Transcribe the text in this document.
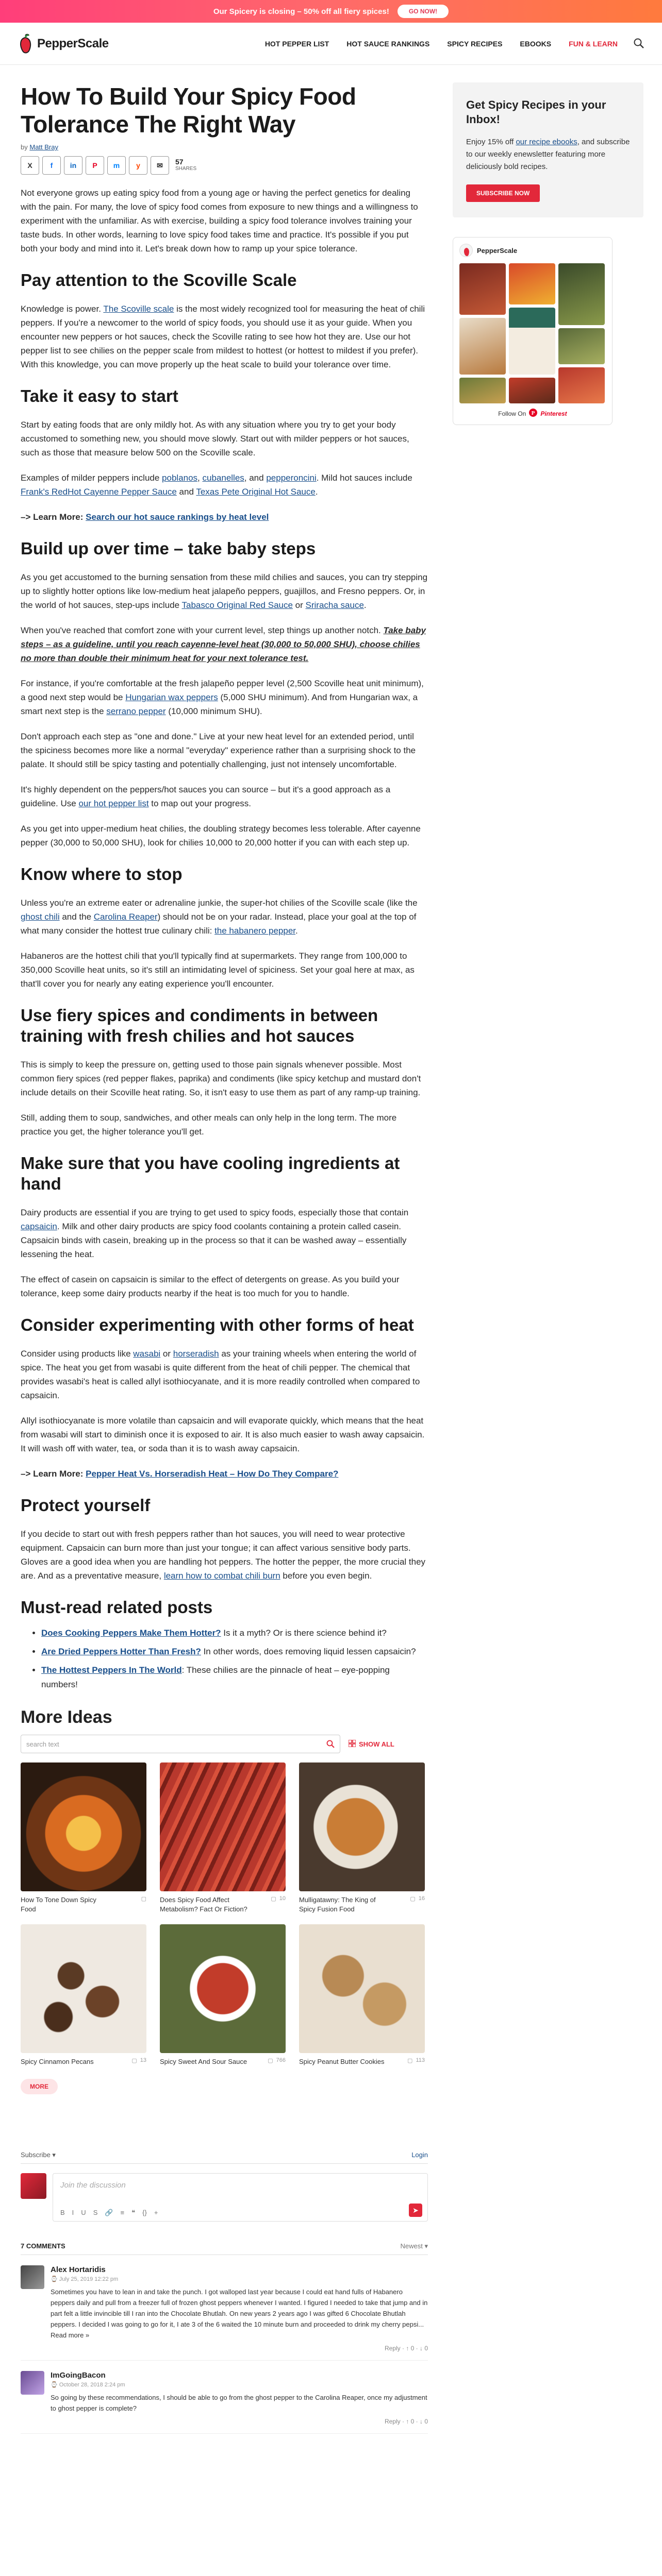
Our Spicery is closing – 50% off all fiery spices!	GO NOW!
PepperScale	HOT PEPPER LIST HOT SAUCE RANKINGS SPICY RECIPES EBOOKS FUN & LEARN
How To Build Your Spicy Food Tolerance The Right Way
by Matt Bray
X	f	in	P	m	y	✉	57
SHARES

Not everyone grows up eating spicy food from a young age or having the perfect genetics for dealing with the pain. For many, the love of spicy food comes from exposure to new things and a willingness to experiment with the unfamiliar. As with exercise, building a spicy food tolerance involves training your taste buds. In other words, learning to love spicy food takes time and practice. It's possible if you put both your body and mind into it. Let's break down how to ramp up your spice tolerance.

Pay attention to the Scoville Scale

Knowledge is power. The Scoville scale is the most widely recognized tool for measuring the heat of chili peppers. If you're a newcomer to the world of spicy foods, you should use it as your guide. When you encounter new peppers or hot sauces, check the Scoville rating to see how hot they are. Use our hot pepper list to see chilies on the pepper scale from mildest to hottest (or hottest to mildest if you prefer). With this knowledge, you can move properly up the heat scale to build your tolerance over time.

Take it easy to start

Start by eating foods that are only mildly hot. As with any situation where you try to get your body accustomed to something new, you should move slowly. Start out with milder peppers or hot sauces, such as those that measure below 500 on the Scoville scale.

Examples of milder peppers include poblanos, cubanelles, and pepperoncini. Mild hot sauces include Frank's RedHot Cayenne Pepper Sauce and Texas Pete Original Hot Sauce.

–> Learn More: Search our hot sauce rankings by heat level

Build up over time – take baby steps

As you get accustomed to the burning sensation from these mild chilies and sauces, you can try stepping up to slightly hotter options like low-medium heat jalapeño peppers, guajillos, and Fresno peppers. Or, in the world of hot sauces, step-ups include Tabasco Original Red Sauce or Sriracha sauce.

When you've reached that comfort zone with your current level, step things up another notch. Take baby steps – as a guideline, until you reach cayenne-level heat (30,000 to 50,000 SHU), choose chilies no more than double their minimum heat for your next tolerance test.

For instance, if you're comfortable at the fresh jalapeño pepper level (2,500 Scoville heat unit minimum), a good next step would be Hungarian wax peppers (5,000 SHU minimum). And from Hungarian wax, a smart next step is the serrano pepper (10,000 minimum SHU).

Don't approach each step as "one and done." Live at your new heat level for an extended period, until the spiciness becomes more like a normal "everyday" experience rather than a surprising shock to the palate. It should still be spicy tasting and potentially challenging, just not intensely uncomfortable.

It's highly dependent on the peppers/hot sauces you can source – but it's a good approach as a guideline. Use our hot pepper list to map out your progress.

As you get into upper-medium heat chilies, the doubling strategy becomes less tolerable. After cayenne pepper (30,000 to 50,000 SHU), look for chilies 10,000 to 20,000 hotter if you can with each step up.

Know where to stop

Unless you're an extreme eater or adrenaline junkie, the super-hot chilies of the Scoville scale (like the ghost chili and the Carolina Reaper) should not be on your radar. Instead, place your goal at the top of what many consider the hottest true culinary chili: the habanero pepper.

Habaneros are the hottest chili that you'll typically find at supermarkets. They range from 100,000 to 350,000 Scoville heat units, so it's still an intimidating level of spiciness. Set your goal here at max, as that'll cover you for nearly any eating experience you'll encounter.

Use fiery spices and condiments in between training with fresh chilies and hot sauces

This is simply to keep the pressure on, getting used to those pain signals whenever possible. Most common fiery spices (red pepper flakes, paprika) and condiments (like spicy ketchup and mustard don't include details on their Scoville heat rating. So, it isn't easy to use them as part of any ramp-up training.

Still, adding them to soup, sandwiches, and other meals can only help in the long term. The more practice you get, the higher tolerance you'll get.

Make sure that you have cooling ingredients at hand

Dairy products are essential if you are trying to get used to spicy foods, especially those that contain capsaicin. Milk and other dairy products are spicy food coolants containing a protein called casein. Capsaicin binds with casein, breaking up in the process so that it can be washed away – essentially lessening the heat.

The effect of casein on capsaicin is similar to the effect of detergents on grease. As you build your tolerance, keep some dairy products nearby if the heat is too much for you to handle.

Consider experimenting with other forms of heat

Consider using products like wasabi or horseradish as your training wheels when entering the world of spice. The heat you get from wasabi is quite different from the heat of chili pepper. The chemical that provides wasabi's heat is called allyl isothiocyanate, and it is more readily controlled when compared to capsaicin.

Allyl isothiocyanate is more volatile than capsaicin and will evaporate quickly, which means that the heat from wasabi will start to diminish once it is exposed to air. It is also much easier to wash away capsaicin. It will wash off with water, tea, or soda than it is to wash away capsaicin.

–> Learn More: Pepper Heat Vs. Horseradish Heat – How Do They Compare?

Protect yourself

If you decide to start out with fresh peppers rather than hot sauces, you will need to wear protective equipment. Capsaicin can burn more than just your tongue; it can affect various sensitive body parts. Gloves are a good idea when you are handling hot peppers. The hotter the pepper, the more crucial they are. And as a preventative measure, learn how to combat chili burn before you even begin.

Must-read related posts
• Does Cooking Peppers Make Them Hotter? Is it a myth? Or is there science behind it?
• Are Dried Peppers Hotter Than Fresh? In other words, does removing liquid lessen capsaicin?
• The Hottest Peppers In The World: These chilies are the pinnacle of heat – eye-popping numbers!
More Ideas
search text	SHOW ALL
How To Tone Down Spicy Food
▢ Does Spicy Food Affect Metabolism? Fact Or Fiction?
▢ 10 Mulligatawny: The King of Spicy Fusion Food
▢ 16
Spicy Cinnamon Pecans	▢ 13 Spicy Sweet And Sour Sauce	▢ 766 Spicy Peanut Butter Cookies	▢ 113
MORE
Subscribe ▾	Login
Join the discussion
B I U S 🔗 ≡ ❝ {} +	➤
7 COMMENTS	Newest ▾
Alex Hortaridis
⌚ July 25, 2019 12:22 pm
Sometimes you have to lean in and take the punch. I got walloped last year because I could eat hand fulls of Habanero peppers daily and pull from a freezer full of frozen ghost peppers whenever I wanted. I figured I needed to take that jump and in part felt a little invincible till I ran into the Chocolate Bhutlah. On new years 2 years ago I was gifted 6 Chocolate Bhutlah peppers. I decided I was going to go for it, I ate 3 of the 6 waited the 10 minute burn and proceeded to drink my cherry pepsi... Read more »
Reply · ↑ 0 · ↓ 0
ImGoingBacon
⌚ October 28, 2018 2:24 pm
So going by these recommendations, I should be able to go from the ghost pepper to the Carolina Reaper, once my adjustment to ghost pepper is complete?
Reply · ↑ 0 · ↓ 0
Get Spicy Recipes in your Inbox!
Enjoy 15% off our recipe ebooks, and subscribe to our weekly enewsletter featuring more deliciously bold recipes.
SUBSCRIBE NOW
PepperScale
Follow On P Pinterest
